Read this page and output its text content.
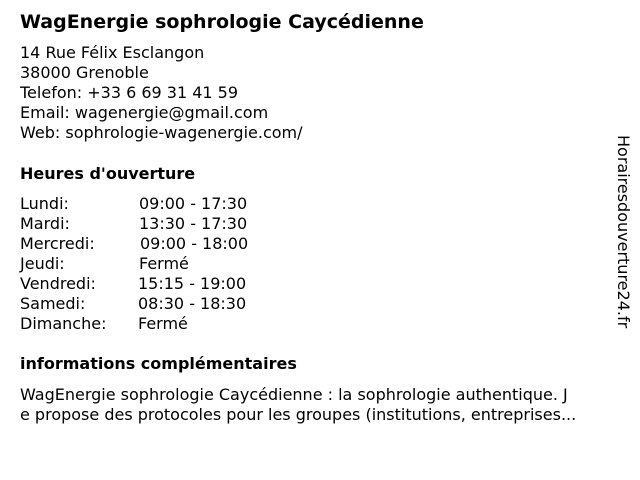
WagEnergie sophrologie Caycédienne
14 Rue Félix Esclangon
38000 Grenoble
Telefon: +33 6 69 31 41 59
Email: wagenergie@gmail.com
Web: sophrologie-wagenergie.com/
Heures d'ouverture
Lundi:	09:00 - 17:30
Mardi:	13:30 - 17:30
Mercredi:	09:00 - 18:00
Jeudi:	Fermé
Vendredi:	15:15 - 19:00
Samedi:	08:30 - 18:30
Dimanche: Fermé
informations complémentaires
WagEnergie sophrologie Caycédienne : la sophrologie authentique. J
e propose des protocoles pour les groupes (institutions, entreprises...
Horairesdouverture24.fr
